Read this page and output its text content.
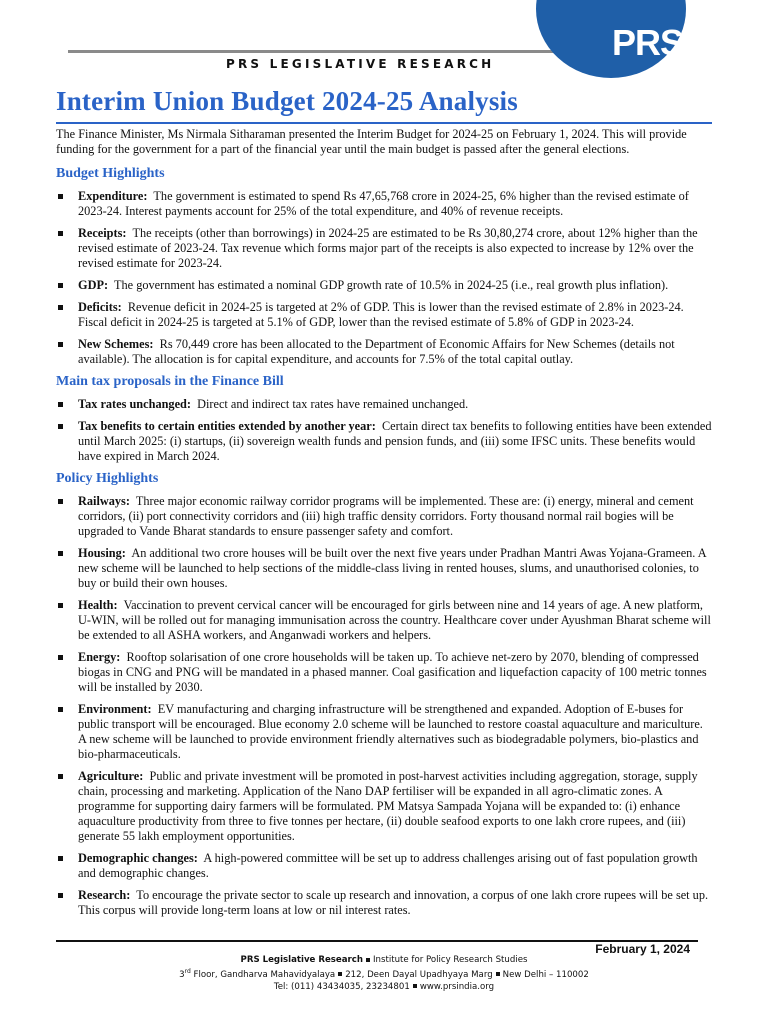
PRS
PRS LEGISLATIVE RESEARCH
Interim Union Budget 2024-25 Analysis

The Finance Minister, Ms Nirmala Sitharaman presented the Interim Budget for 2024-25 on February 1, 2024. This will provide funding for the government for a part of the financial year until the main budget is passed after the general elections.

Budget Highlights
Expenditure: The government is estimated to spend Rs 47,65,768 crore in 2024-25, 6% higher than the revised estimate of 2023-24. Interest payments account for 25% of the total expenditure, and 40% of revenue receipts.
Receipts: The receipts (other than borrowings) in 2024-25 are estimated to be Rs 30,80,274 crore, about 12% higher than the revised estimate of 2023-24. Tax revenue which forms major part of the receipts is also expected to increase by 12% over the revised estimate for 2023-24.
GDP: The government has estimated a nominal GDP growth rate of 10.5% in 2024-25 (i.e., real growth plus inflation).
Deficits: Revenue deficit in 2024-25 is targeted at 2% of GDP. This is lower than the revised estimate of 2.8% in 2023-24. Fiscal deficit in 2024-25 is targeted at 5.1% of GDP, lower than the revised estimate of 5.8% of GDP in 2023-24.
New Schemes: Rs 70,449 crore has been allocated to the Department of Economic Affairs for New Schemes (details not available). The allocation is for capital expenditure, and accounts for 7.5% of the total capital outlay.
Main tax proposals in the Finance Bill
Tax rates unchanged: Direct and indirect tax rates have remained unchanged.
Tax benefits to certain entities extended by another year: Certain direct tax benefits to following entities have been extended until March 2025: (i) startups, (ii) sovereign wealth funds and pension funds, and (iii) some IFSC units. These benefits would have expired in March 2024.
Policy Highlights
Railways: Three major economic railway corridor programs will be implemented. These are: (i) energy, mineral and cement corridors, (ii) port connectivity corridors and (iii) high traffic density corridors. Forty thousand normal rail bogies will be upgraded to Vande Bharat standards to ensure passenger safety and comfort.
Housing: An additional two crore houses will be built over the next five years under Pradhan Mantri Awas Yojana-Grameen. A new scheme will be launched to help sections of the middle-class living in rented houses, slums, and unauthorised colonies, to buy or build their own houses.
Health: Vaccination to prevent cervical cancer will be encouraged for girls between nine and 14 years of age. A new platform, U-WIN, will be rolled out for managing immunisation across the country. Healthcare cover under Ayushman Bharat scheme will be extended to all ASHA workers, and Anganwadi workers and helpers.
Energy: Rooftop solarisation of one crore households will be taken up. To achieve net-zero by 2070, blending of compressed biogas in CNG and PNG will be mandated in a phased manner. Coal gasification and liquefaction capacity of 100 metric tonnes will be installed by 2030.
Environment: EV manufacturing and charging infrastructure will be strengthened and expanded. Adoption of E-buses for public transport will be encouraged. Blue economy 2.0 scheme will be launched to restore coastal aquaculture and mariculture. A new scheme will be launched to provide environment friendly alternatives such as biodegradable polymers, bio-plastics and bio-pharmaceuticals.
Agriculture: Public and private investment will be promoted in post-harvest activities including aggregation, storage, supply chain, processing and marketing. Application of the Nano DAP fertiliser will be expanded in all agro-climatic zones. A programme for supporting dairy farmers will be formulated. PM Matsya Sampada Yojana will be expanded to: (i) enhance aquaculture productivity from three to five tonnes per hectare, (ii) double seafood exports to one lakh crore rupees, and (iii) generate 55 lakh employment opportunities.
Demographic changes: A high-powered committee will be set up to address challenges arising out of fast population growth and demographic changes.
Research: To encourage the private sector to scale up research and innovation, a corpus of one lakh crore rupees will be set up. This corpus will provide long-term loans at low or nil interest rates.
February 1, 2024
PRS Legislative Research Institute for Policy Research Studies
3rd Floor, Gandharva Mahavidyalaya 212, Deen Dayal Upadhyaya Marg New Delhi – 110002
Tel: (011) 43434035, 23234801 www.prsindia.org
